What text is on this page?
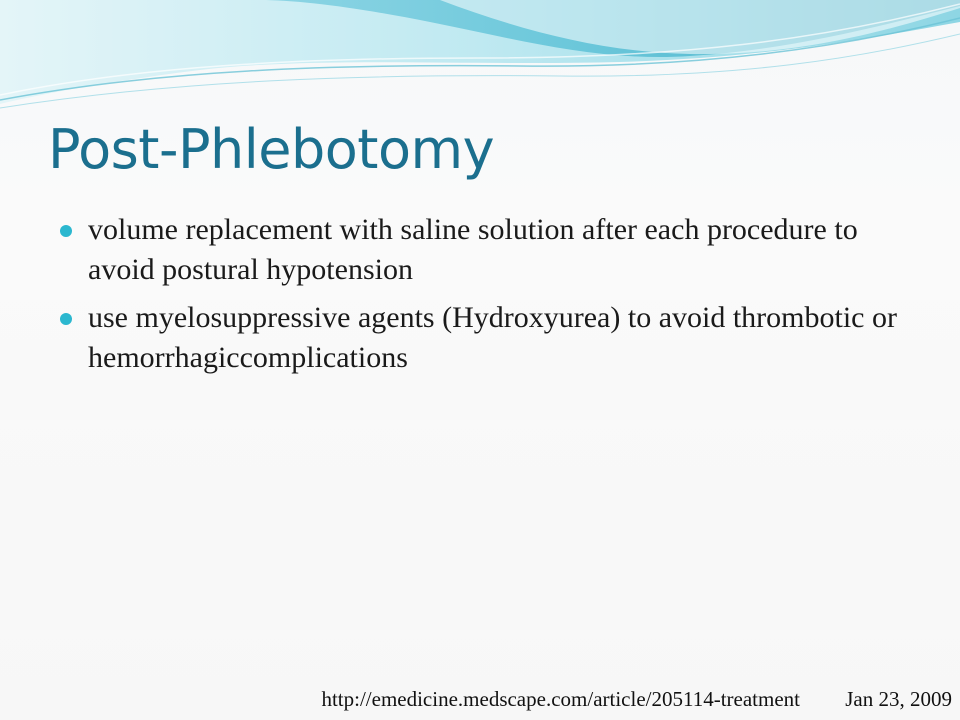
Post-Phlebotomy
volume replacement with saline solution after each procedure to avoid postural hypotension
use myelosuppressive agents (Hydroxyurea) to avoid thrombotic or hemorrhagiccomplications
http://emedicine.medscape.com/article/205114-treatment Jan 23, 2009
